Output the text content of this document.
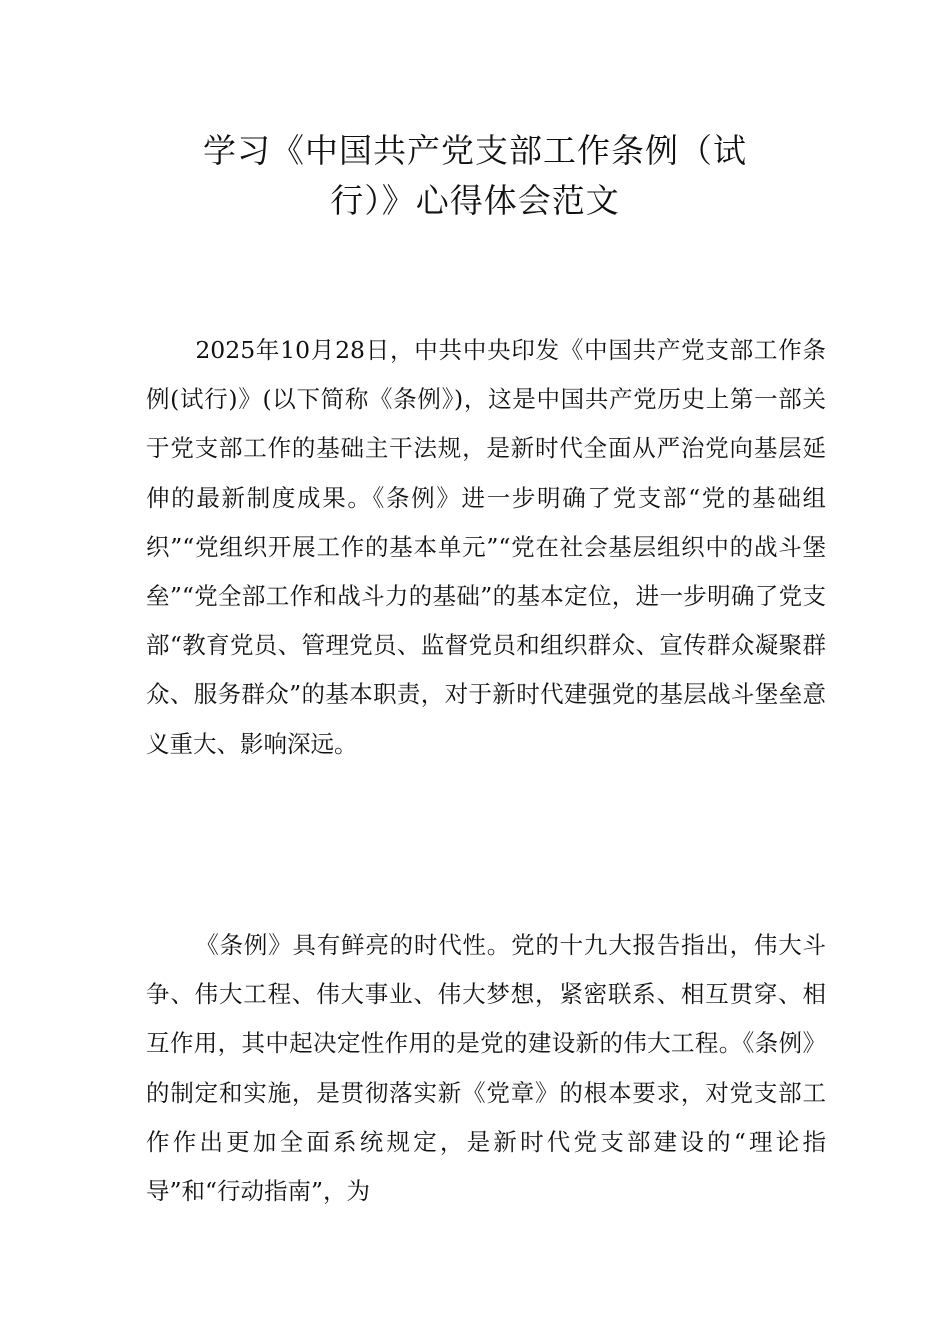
学习《中国共产党支部工作条例（试
行）》心得体会范文

2025年10月28日，中共中央印发《中国共产党支部工作条例(试行)》(以下简称《条例》)，这是中国共产党历史上第一部关于党支部工作的基础主干法规，是新时代全面从严治党向基层延伸的最新制度成果。《条例》进一步明确了党支部“党的基础组织”“党组织开展工作的基本单元”“党在社会基层组织中的战斗堡垒”“党全部工作和战斗力的基础”的基本定位，进一步明确了党支部“教育党员、管理党员、监督党员和组织群众、宣传群众凝聚群众、服务群众”的基本职责，对于新时代建强党的基层战斗堡垒意义重大、影响深远。

《条例》具有鲜亮的时代性。党的十九大报告指出，伟大斗争、伟大工程、伟大事业、伟大梦想，紧密联系、相互贯穿、相互作用，其中起决定性作用的是党的建设新的伟大工程。《条例》的制定和实施，是贯彻落实新《党章》的根本要求，对党支部工作作出更加全面系统规定，是新时代党支部建设的“理论指导”和“行动指南”，为
